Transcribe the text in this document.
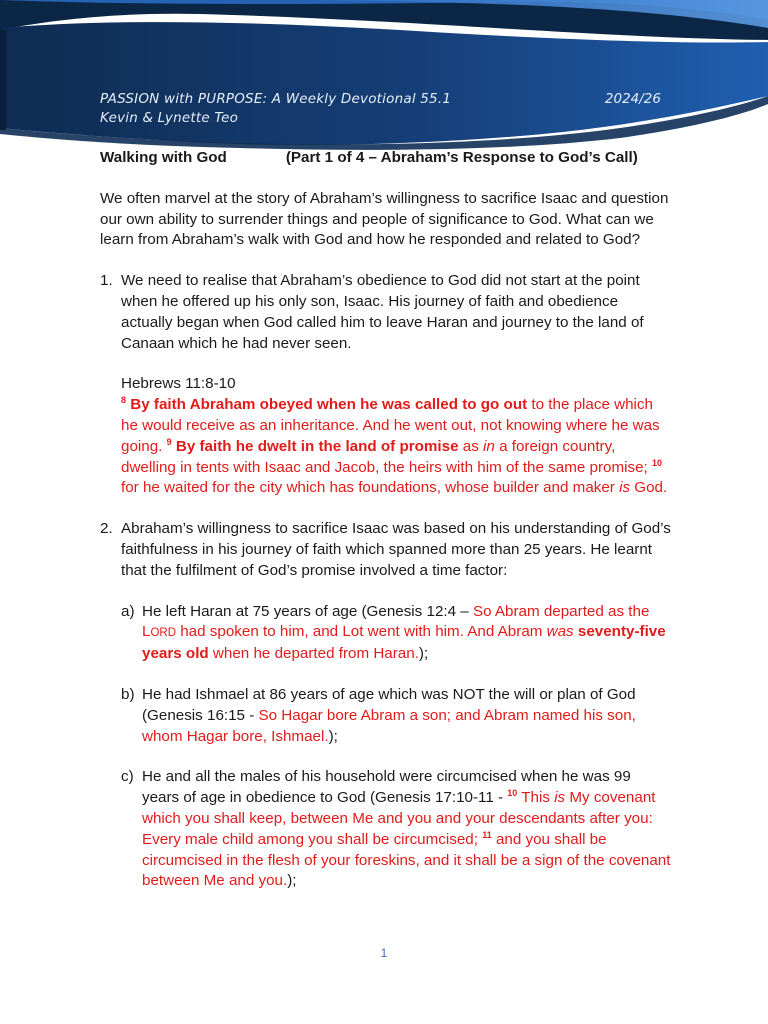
PASSION with PURPOSE: A Weekly Devotional 55.1
Kevin & Lynette Teo
2024/26

Walking with God	(Part 1 of 4 – Abraham’s Response to God’s Call)

We often marvel at the story of Abraham’s willingness to sacrifice Isaac and question our own ability to surrender things and people of significance to God. What can we learn from Abraham’s walk with God and how he responded and related to God?

1. We need to realise that Abraham’s obedience to God did not start at the point when he offered up his only son, Isaac. His journey of faith and obedience actually began when God called him to leave Haran and journey to the land of Canaan which he had never seen.

Hebrews 11:8-10

$^8$ By faith Abraham obeyed when he was called to go out to the place which he would receive as an inheritance. And he went out, not knowing where he was going. $^9$ By faith he dwelt in the land of promise as in a foreign country, dwelling in tents with Isaac and Jacob, the heirs with him of the same promise; $^{10}$ for he waited for the city which has foundations, whose builder and maker is God.

2. Abraham’s willingness to sacrifice Isaac was based on his understanding of God’s faithfulness in his journey of faith which spanned more than 25 years. He learnt that the fulfilment of God’s promise involved a time factor:

a) He left Haran at 75 years of age (Genesis 12:4 – So Abram departed as the LORD had spoken to him, and Lot went with him. And Abram was seventy-five years old when he departed from Haran.);

b) He had Ishmael at 86 years of age which was NOT the will or plan of God (Genesis 16:15 - So Hagar bore Abram a son; and Abram named his son, whom Hagar bore, Ishmael.);

c) He and all the males of his household were circumcised when he was 99 years of age in obedience to God (Genesis 17:10-11 - $^{10}$ This is My covenant which you shall keep, between Me and you and your descendants after you: Every male child among you shall be circumcised; $^{11}$ and you shall be circumcised in the flesh of your foreskins, and it shall be a sign of the covenant between Me and you.);

1
